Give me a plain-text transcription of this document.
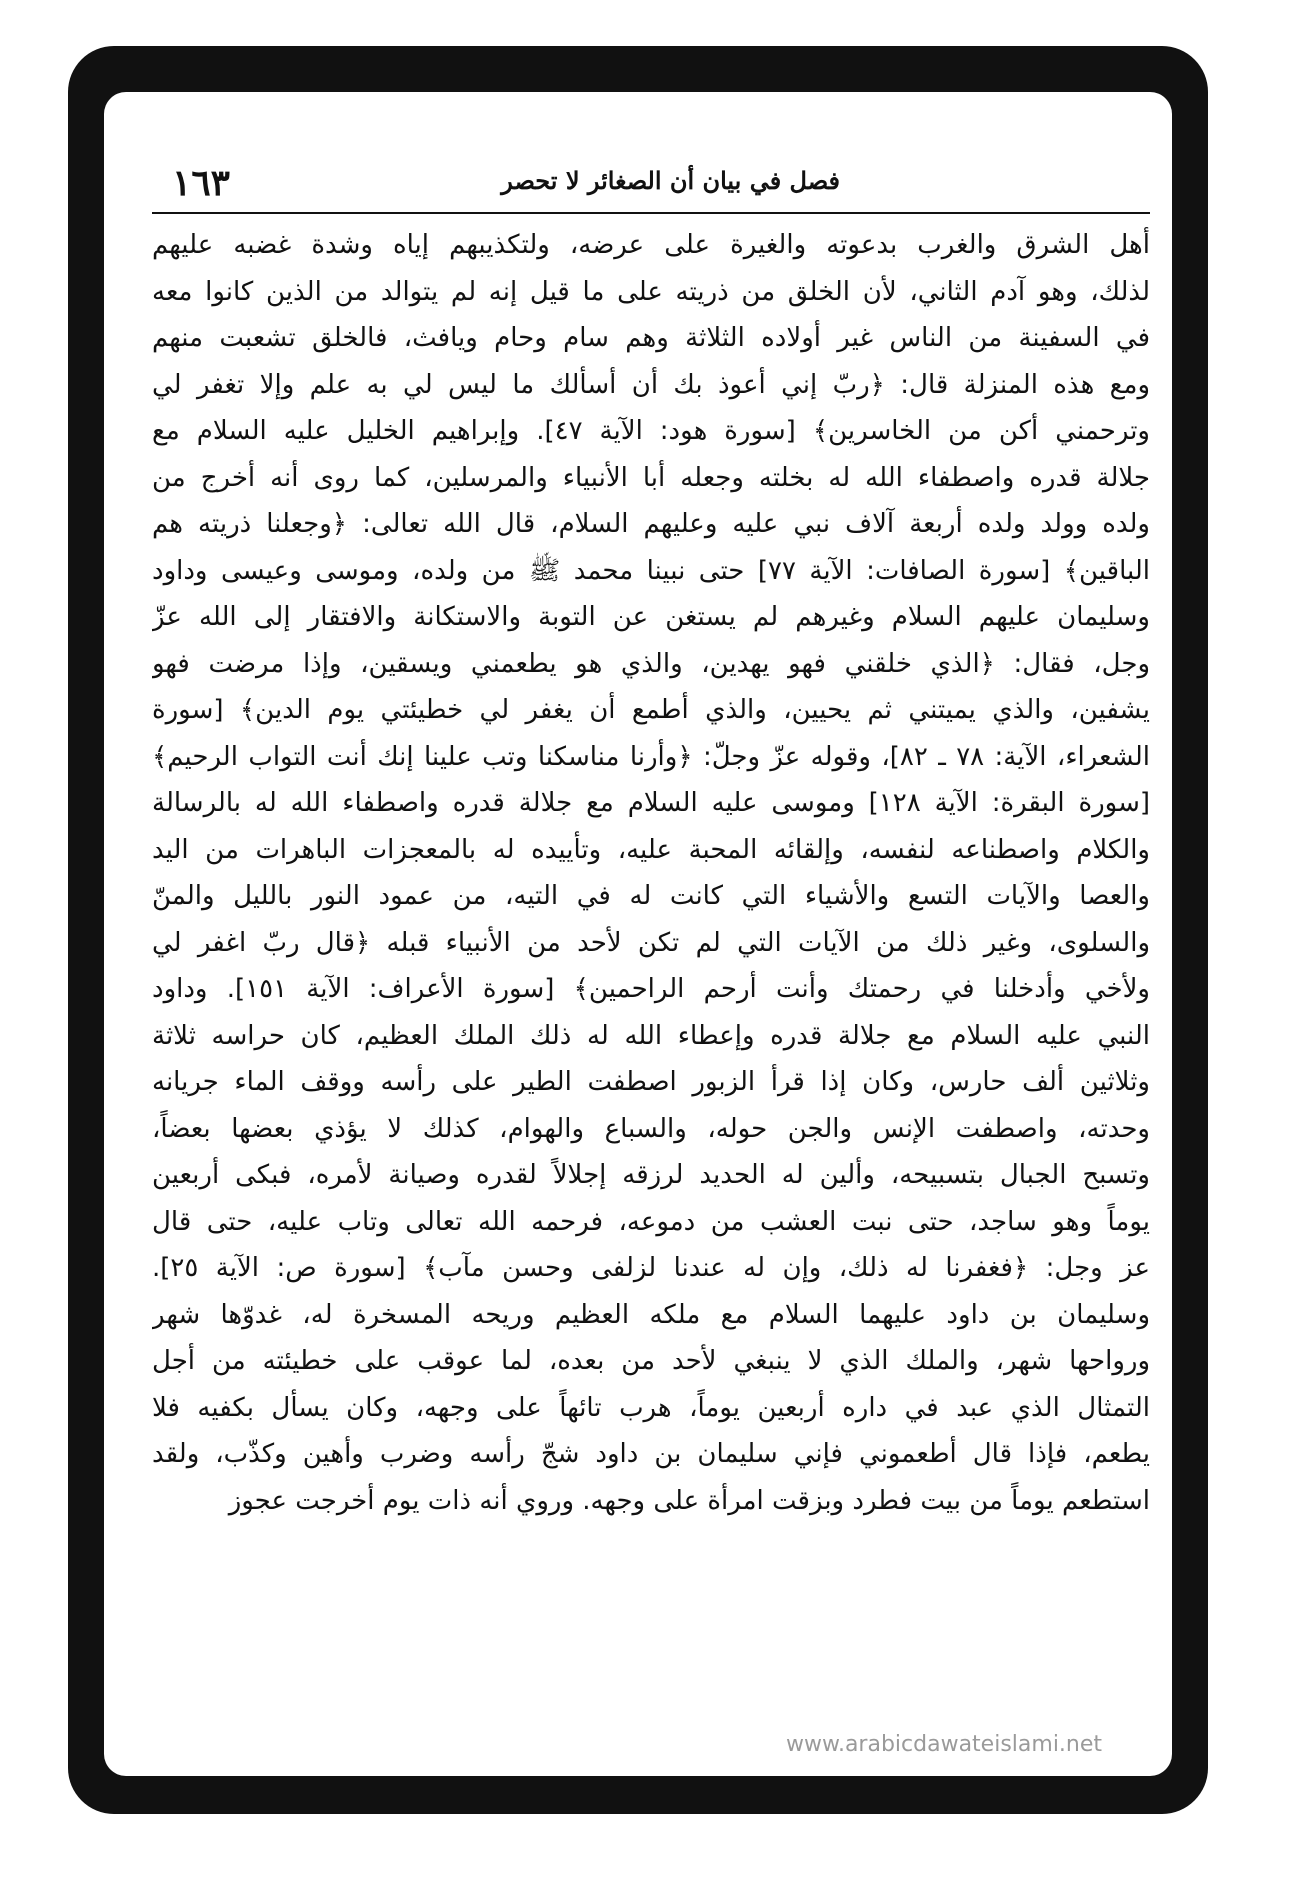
١٦٣	فصل في بيان أن الصغائر لا تحصر
أهل الشرق والغرب بدعوته والغيرة على عرضه، ولتكذيبهم إياه وشدة غضبه عليهم
لذلك، وهو آدم الثاني، لأن الخلق من ذريته على ما قيل إنه لم يتوالد من الذين كانوا معه
في السفينة من الناس غير أولاده الثلاثة وهم سام وحام ويافث، فالخلق تشعبت منهم
ومع هذه المنزلة قال: ﴿ربّ إني أعوذ بك أن أسألك ما ليس لي به علم وإلا تغفر لي
وترحمني أكن من الخاسرين﴾ [سورة هود: الآية ٤٧]. وإبراهيم الخليل عليه السلام مع
جلالة قدره واصطفاء الله له بخلته وجعله أبا الأنبياء والمرسلين، كما روى أنه أخرج من
ولده وولد ولده أربعة آلاف نبي عليه وعليهم السلام، قال الله تعالى: ﴿وجعلنا ذريته هم
الباقين﴾ [سورة الصافات: الآية ٧٧] حتى نبينا محمد ﷺ من ولده، وموسى وعيسى وداود
وسليمان عليهم السلام وغيرهم لم يستغن عن التوبة والاستكانة والافتقار إلى الله عزّ
وجل، فقال: ﴿الذي خلقني فهو يهدين، والذي هو يطعمني ويسقين، وإذا مرضت فهو
يشفين، والذي يميتني ثم يحيين، والذي أطمع أن يغفر لي خطيئتي يوم الدين﴾ [سورة
الشعراء، الآية: ٧٨ ـ ٨٢]، وقوله عزّ وجلّ: ﴿وأرنا مناسكنا وتب علينا إنك أنت التواب الرحيم﴾
[سورة البقرة: الآية ١٢٨] وموسى عليه السلام مع جلالة قدره واصطفاء الله له بالرسالة
والكلام واصطناعه لنفسه، وإلقائه المحبة عليه، وتأييده له بالمعجزات الباهرات من اليد
والعصا والآيات التسع والأشياء التي كانت له في التيه، من عمود النور بالليل والمنّ
والسلوى، وغير ذلك من الآيات التي لم تكن لأحد من الأنبياء قبله ﴿قال ربّ اغفر لي
ولأخي وأدخلنا في رحمتك وأنت أرحم الراحمين﴾ [سورة الأعراف: الآية ١٥١]. وداود
النبي عليه السلام مع جلالة قدره وإعطاء الله له ذلك الملك العظيم، كان حراسه ثلاثة
وثلاثين ألف حارس، وكان إذا قرأ الزبور اصطفت الطير على رأسه ووقف الماء جريانه
وحدته، واصطفت الإنس والجن حوله، والسباع والهوام، كذلك لا يؤذي بعضها بعضاً،
وتسبح الجبال بتسبيحه، وألين له الحديد لرزقه إجلالاً لقدره وصيانة لأمره، فبكى أربعين
يوماً وهو ساجد، حتى نبت العشب من دموعه، فرحمه الله تعالى وتاب عليه، حتى قال
عز وجل: ﴿فغفرنا له ذلك، وإن له عندنا لزلفى وحسن مآب﴾ [سورة ص: الآية ٢٥].
وسليمان بن داود عليهما السلام مع ملكه العظيم وريحه المسخرة له، غدوّها شهر
ورواحها شهر، والملك الذي لا ينبغي لأحد من بعده، لما عوقب على خطيئته من أجل
التمثال الذي عبد في داره أربعين يوماً، هرب تائهاً على وجهه، وكان يسأل بكفيه فلا
يطعم، فإذا قال أطعموني فإني سليمان بن داود شجّ رأسه وضرب وأهين وكذّب، ولقد
استطعم يوماً من بيت فطرد وبزقت امرأة على وجهه. وروي أنه ذات يوم أخرجت عجوز
www.arabicdawateislami.net
